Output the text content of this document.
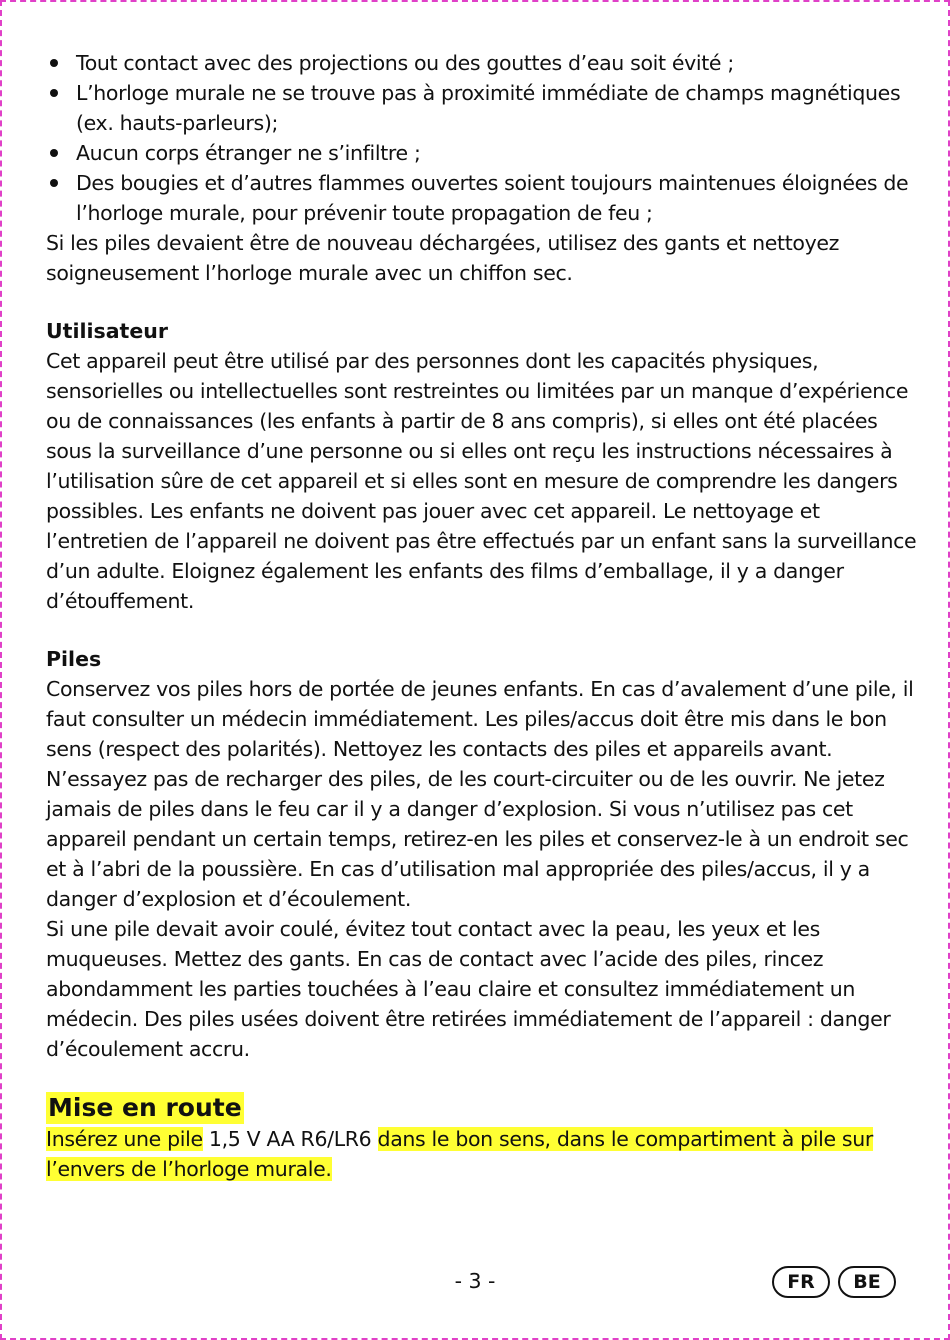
Tout contact avec des projections ou des gouttes d’eau soit évité ;
L’horloge murale ne se trouve pas à proximité immédiate de champs magnétiques
(ex. hauts-parleurs);
Aucun corps étranger ne s’infiltre ;
Des bougies et d’autres flammes ouvertes soient toujours maintenues éloignées de
l’horloge murale, pour prévenir toute propagation de feu ;
Si les piles devaient être de nouveau déchargées, utilisez des gants et nettoyez
soigneusement l’horloge murale avec un chiffon sec.
Utilisateur
Cet appareil peut être utilisé par des personnes dont les capacités physiques,
sensorielles ou intellectuelles sont restreintes ou limitées par un manque d’expérience
ou de connaissances (les enfants à partir de 8 ans compris), si elles ont été placées
sous la surveillance d’une personne ou si elles ont reçu les instructions nécessaires à
l’utilisation sûre de cet appareil et si elles sont en mesure de comprendre les dangers
possibles. Les enfants ne doivent pas jouer avec cet appareil. Le nettoyage et
l’entretien de l’appareil ne doivent pas être effectués par un enfant sans la surveillance
d’un adulte. Eloignez également les enfants des films d’emballage, il y a danger
d’étouffement.
Piles
Conservez vos piles hors de portée de jeunes enfants. En cas d’avalement d’une pile, il
faut consulter un médecin immédiatement. Les piles/accus doit être mis dans le bon
sens (respect des polarités). Nettoyez les contacts des piles et appareils avant.
N’essayez pas de recharger des piles, de les court-circuiter ou de les ouvrir. Ne jetez
jamais de piles dans le feu car il y a danger d’explosion. Si vous n’utilisez pas cet
appareil pendant un certain temps, retirez-en les piles et conservez-le à un endroit sec
et à l’abri de la poussière. En cas d’utilisation mal appropriée des piles/accus, il y a
danger d’explosion et d’écoulement.
Si une pile devait avoir coulé, évitez tout contact avec la peau, les yeux et les
muqueuses. Mettez des gants. En cas de contact avec l’acide des piles, rincez
abondamment les parties touchées à l’eau claire et consultez immédiatement un
médecin. Des piles usées doivent être retirées immédiatement de l’appareil : danger
d’écoulement accru.
Mise en route
Insérez une pile 1,5 V AA R6/LR6 dans le bon sens, dans le compartiment à pile sur
l’envers de l’horloge murale.
- 3 -	FR	BE
